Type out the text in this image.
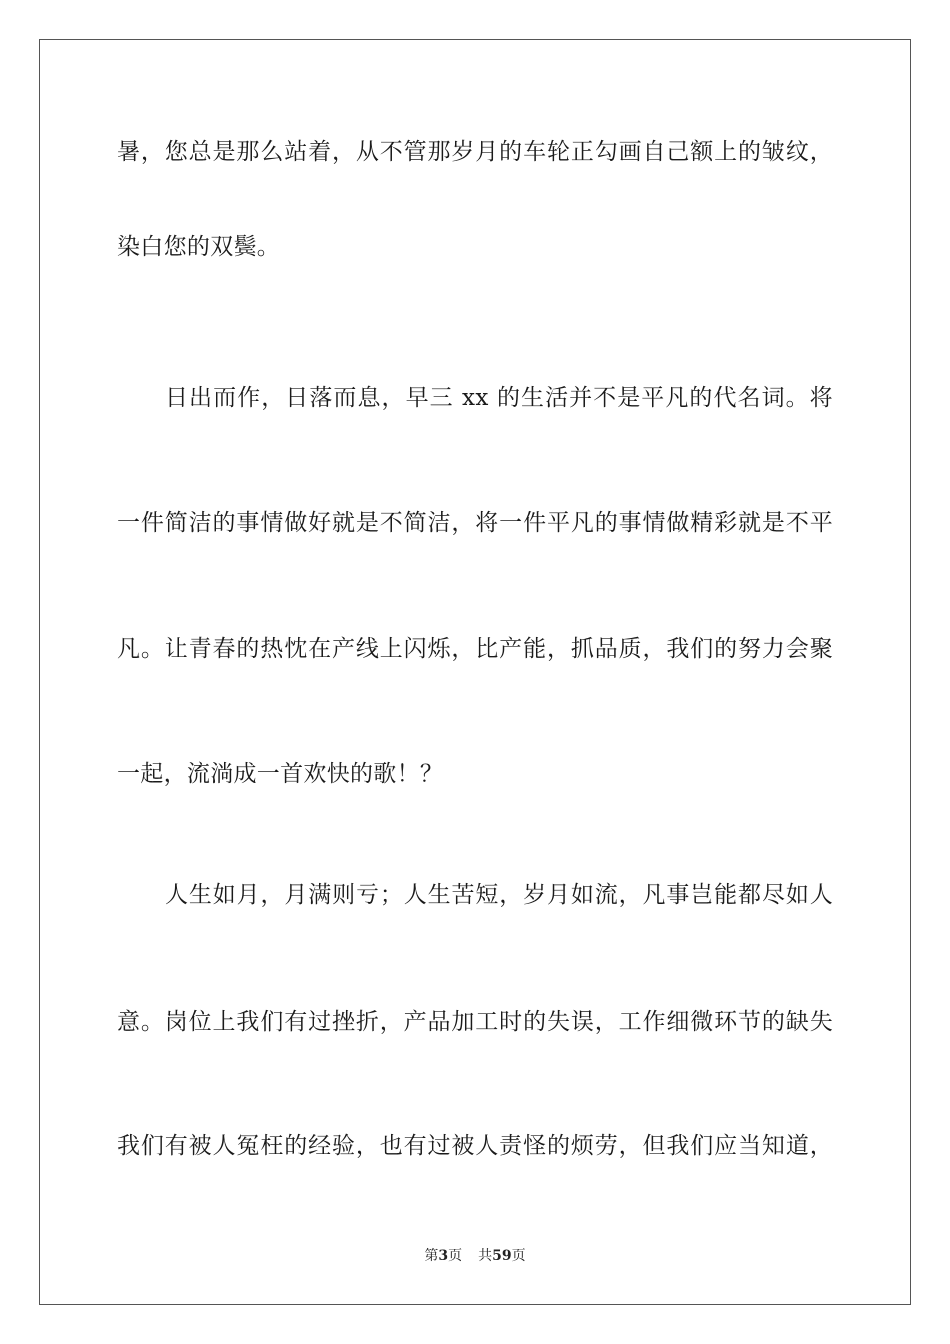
暑，您总是那么站着，从不管那岁月的车轮正勾画自己额上的皱纹，
染白您的双鬓。
日出而作，日落而息，早三 xx 的生活并不是平凡的代名词。将
一件简洁的事情做好就是不简洁，将一件平凡的事情做精彩就是不平
凡。让青春的热忱在产线上闪烁，比产能，抓品质，我们的努力会聚
一起，流淌成一首欢快的歌！？
人生如月，月满则亏；人生苦短，岁月如流，凡事岂能都尽如人
意。岗位上我们有过挫折，产品加工时的失误，工作细微环节的缺失
我们有被人冤枉的经验，也有过被人责怪的烦劳，但我们应当知道，
第3页 共59页
